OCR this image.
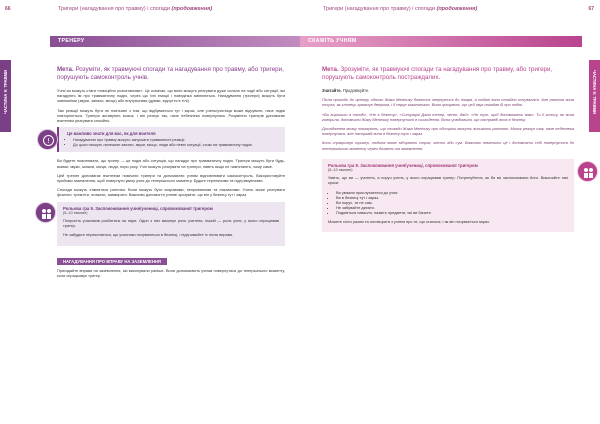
66	Тригери (нагадування про травму) і спогади (продовження)
ТРЕНЕРУ
ЧАСТИНА 9: ТРАВМИ
Мета. Розуміти, як травмуючі спогади та нагадування про травму, або тригери, порушують самоконтроль учнів.

Учні/-ки можуть стати «емоційно розхитаними». Це означає, що вони можуть реагувати дуже сильно на події або ситуації, які нагадують їм про травматичну подію, через що їхні емоції і поведінка змінюються. Нагадування (тригери) можуть бути зовнішніми (звуки, запахи, місця) або внутрішніми (думки, відчуття в тілі).

Такі реакції можуть бути не пов'язані з тим, що відбувається тут і зараз, але учень/учениця може відчувати, наче подія повторюється. Тригери активують мозок, і він реагує так, наче небезпека повернулась. Розуміння тригерів допомагає вчителям реагувати спокійно.

!
Це важливо знати для вас, як для вчителя
• Нагадування про травму можуть запускати травматичні реакції.
• До цього можуть належати запахи, звуки, місця, люди або певні ситуації, схожі на травматичну подію.

Ви будете пояснювати, що тригер — це подія або ситуація, що нагадує про травматичну подію. Тригери можуть бути будь-якими: звуки, запахи, місця, люди, пори року. Учні можуть реагувати на тригери, навіть якщо не пам'ятають, чому саме.

Цей тренінг допомагає вчителям помічати тригери та допомагати учням відновлювати самоконтроль. Використовуйте прийоми заземлення, щоб повернути увагу учня до теперішнього моменту. Будьте терплячими та підтримуючими.

Спогади можуть з'являтися раптово. Вони можуть бути яскравими, неприємними та лякаючими. Учень може реагувати фізично: тремтіти, плакати, завмирати. Важливо допомогти учневі зрозуміти, що він у безпеці тут і зараз.

Рольова гра 9. Заспокоювання учня/учениці, спровокованої тригером
(5–10 хвилин)

Попросіть учасників розбитися на пари. Один з них виконує роль учителя, інший — роль учня, у якого спрацював тригер.

Не забудьте переконатися, що учасники почуваються в безпеці, і підтримайте їх після вправи.

НАГАДУВАННЯ ПРО ВПРАВУ НА ЗАЗЕМЛЕННЯ

Пригадайте вправи на заземлення, які виконували раніше. Вони допомагають учням повернутися до теперішнього моменту, коли спрацьовує тригер.

67
Тригери (нагадування про травму) і спогади (продовження)
СКАЖІТЬ УЧНЯМ
ЧАСТИНА 9: ТРАВМИ
Мета. Зрозуміти, як травмуючі спогади та нагадування про травму, або тригери, порушують самоконтроль постраждалих.
Зчитайте. Продовжуйте.

Після пригоди до центру одного Жака Мелінику довелося звернутися до лікаря, а надалі вона спокійно почувалася. Але раптом вона почула, як хлопець грюкнув дверима, і її серце закалатало. Вона зрозуміла, що цей звук нагадав їй про подію.

«Ви вирішили в поході», «Не в безпеці», «Ситуацію Дана тепер, чесно, дай», «Не тут, щоб допомагати вам». Ти її голосу, як вона говорила, допомогли Жаку Мелінику повернутися в сьогодення. Вона усвідомила, що насправді вона в безпеці.

Дослідження мозку показують, що спогади Жака Мелінику про обстріли можуть виникати раптово. Мозок реагує так, наче небезпека повернулася, але насправді вона в безпеці тут і зараз.

Коли спрацьовує тригер, людина може відчувати страх, злість або сум. Важливо помітити це і допомогти собі повернутися до теперішнього моменту через дихання та заземлення.

Рольова гра 9. Заспокоювання учня/учениці, спровокованої тригером
(5–10 хвилин)

Уявіть, що ви — учитель, а поруч учень, у якого спрацював тригер. Потренуйтеся, як би ви заспокоювали його. Виконайте такі кроки:

• Ви уважно прислухаєтеся до учня.
• Ви в безпеці тут і зараз.
• Ви поруч, ти не сам.
• Не забувайте дихати.
• Подивіться навколо, назвіть предмети, які ви бачите.

Можете сісти разом та поговорити з учнем про те, що сталося, і як він почувається зараз.
